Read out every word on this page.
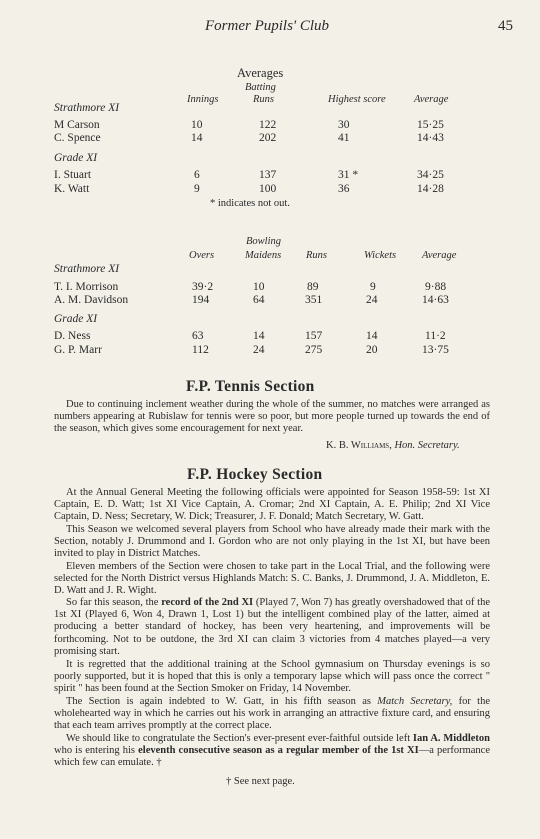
Former Pupils' Club	45
Averages
Batting
Innings	Runs	Highest score	Average
Strathmore XI
M Carson	10	122	30	15·25
C. Spence	14	202	41	14·43
Grade XI
I. Stuart	6	137	31 *	34·25
K. Watt	9	100	36	14·28
* indicates not out.
Bowling
Overs	Maidens Runs	Wickets Average
Strathmore XI
T. I. Morrison	39·2	10	89	9	9·88
A. M. Davidson	194	64	351	24	14·63
Grade XI
D. Ness	63	14	157	14	11·2
G. P. Marr	112	24	275	20	13·75
F.P. Tennis Section
Due to continuing inclement weather during the whole of the summer, no matches were arranged as numbers appearing at Rubislaw for tennis were so poor, but more people turned up towards the end of the season, which gives some encouragement for next year.
K. B. Williams, Hon. Secretary.
F.P. Hockey Section
At the Annual General Meeting the following officials were appointed for Season 1958-59: 1st XI Captain, E. D. Watt; 1st XI Vice Captain, A. Cromar; 2nd XI Captain, A. E. Philip; 2nd XI Vice Captain, D. Ness; Secretary, W. Dick; Treasurer, J. F. Donald; Match Secretary, W. Gatt.
This Season we welcomed several players from School who have already made their mark with the Section, notably J. Drummond and I. Gordon who are not only playing in the 1st XI, but have been invited to play in District Matches.
Eleven members of the Section were chosen to take part in the Local Trial, and the following were selected for the North District versus Highlands Match: S. C. Banks, J. Drummond, J. A. Middleton, E. D. Watt and J. R. Wight.
So far this season, the record of the 2nd XI (Played 7, Won 7) has greatly overshadowed that of the 1st XI (Played 6, Won 4, Drawn 1, Lost 1) but the intelligent combined play of the latter, aimed at producing a better standard of hockey, has been very heartening, and improvements will be forthcoming. Not to be outdone, the 3rd XI can claim 3 victories from 4 matches played—a very promising start.
It is regretted that the additional training at the School gymnasium on Thursday evenings is so poorly supported, but it is hoped that this is only a temporary lapse which will pass once the correct " spirit " has been found at the Section Smoker on Friday, 14 November.
The Section is again indebted to W. Gatt, in his fifth season as Match Secretary, for the wholehearted way in which he carries out his work in arranging an attractive fixture card, and ensuring that each team arrives promptly at the correct place.
We should like to congratulate the Section's ever-present ever-faithful outside left Ian A. Middleton who is entering his eleventh consecutive season as a regular member of the 1st XI—a performance which few can emulate. †
† See next page.
